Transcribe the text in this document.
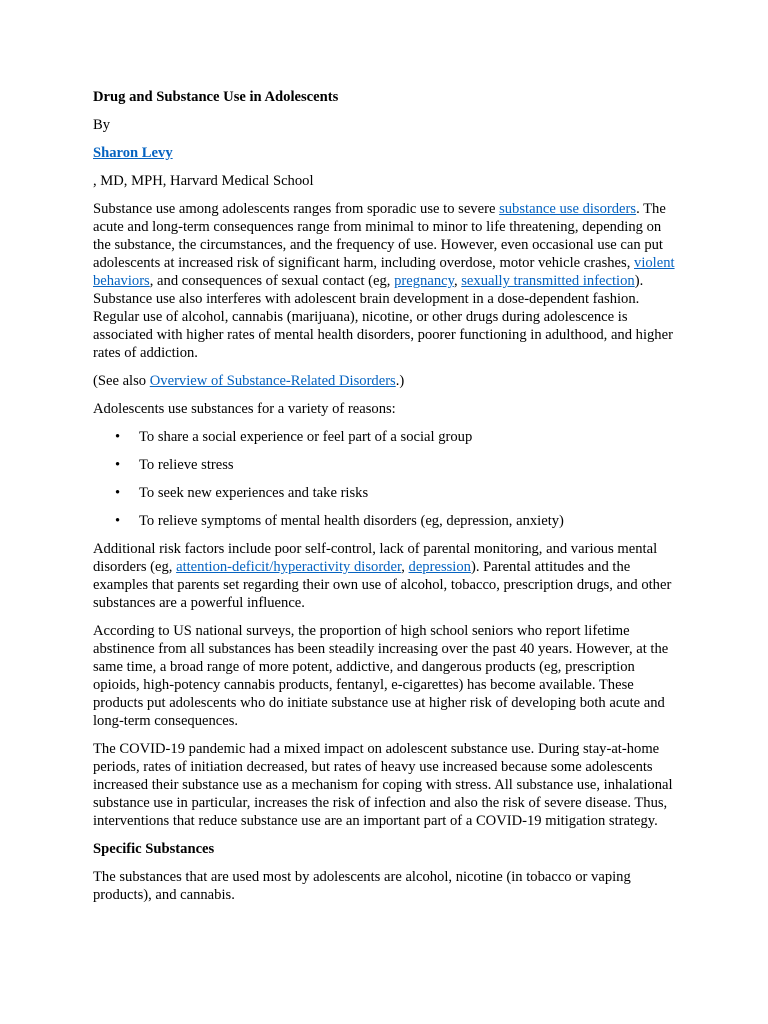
Drug and Substance Use in Adolescents

By

Sharon Levy

, MD, MPH, Harvard Medical School

Substance use among adolescents ranges from sporadic use to severe substance use disorders. The acute and long-term consequences range from minimal to minor to life threatening, depending on the substance, the circumstances, and the frequency of use. However, even occasional use can put adolescents at increased risk of significant harm, including overdose, motor vehicle crashes, violent behaviors, and consequences of sexual contact (eg, pregnancy, sexually transmitted infection). Substance use also interferes with adolescent brain development in a dose-dependent fashion. Regular use of alcohol, cannabis (marijuana), nicotine, or other drugs during adolescence is associated with higher rates of mental health disorders, poorer functioning in adulthood, and higher rates of addiction.

(See also Overview of Substance-Related Disorders.)

Adolescents use substances for a variety of reasons:

• To share a social experience or feel part of a social group
• To relieve stress
• To seek new experiences and take risks
• To relieve symptoms of mental health disorders (eg, depression, anxiety)

Additional risk factors include poor self-control, lack of parental monitoring, and various mental disorders (eg, attention-deficit/hyperactivity disorder, depression). Parental attitudes and the examples that parents set regarding their own use of alcohol, tobacco, prescription drugs, and other substances are a powerful influence.

According to US national surveys, the proportion of high school seniors who report lifetime abstinence from all substances has been steadily increasing over the past 40 years. However, at the same time, a broad range of more potent, addictive, and dangerous products (eg, prescription opioids, high-potency cannabis products, fentanyl, e-cigarettes) has become available. These products put adolescents who do initiate substance use at higher risk of developing both acute and long-term consequences.

The COVID-19 pandemic had a mixed impact on adolescent substance use. During stay-at-home periods, rates of initiation decreased, but rates of heavy use increased because some adolescents increased their substance use as a mechanism for coping with stress. All substance use, inhalational substance use in particular, increases the risk of infection and also the risk of severe disease. Thus, interventions that reduce substance use are an important part of a COVID-19 mitigation strategy.

Specific Substances

The substances that are used most by adolescents are alcohol, nicotine (in tobacco or vaping products), and cannabis.
